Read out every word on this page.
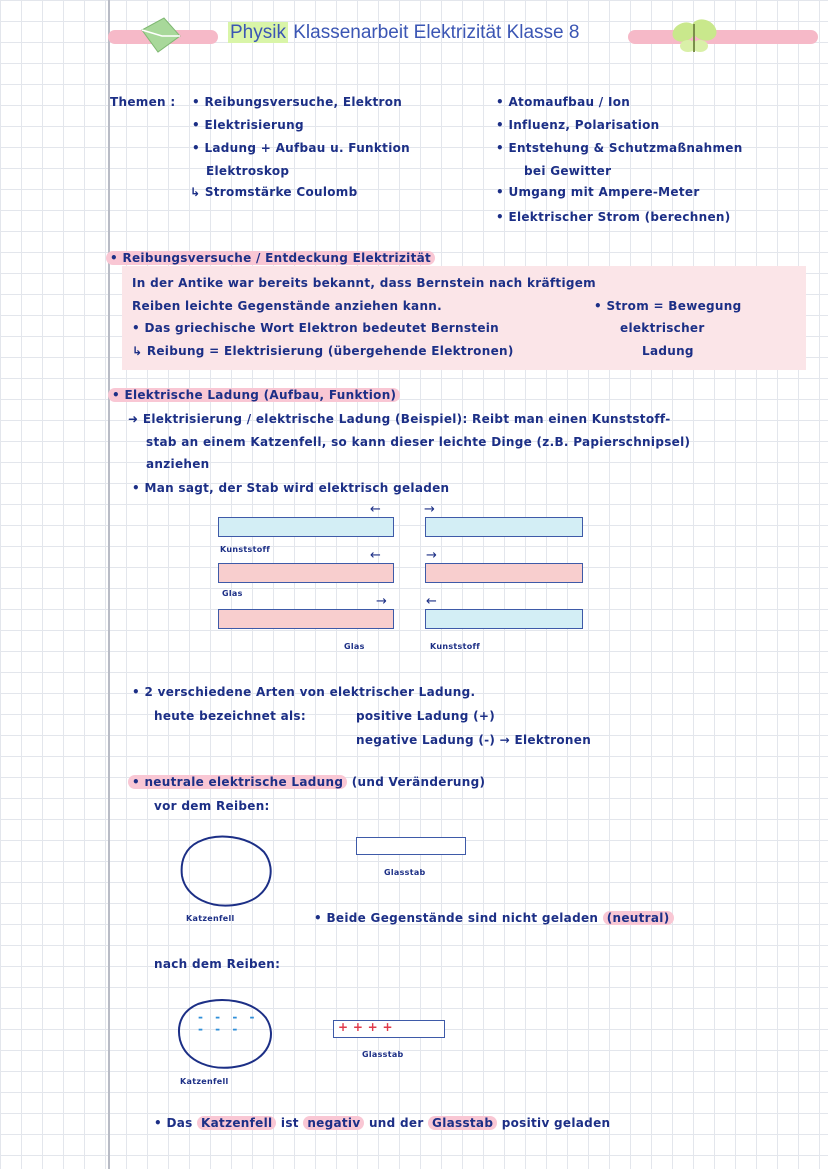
Physik Klassenarbeit Elektrizität Klasse 8
Themen : • Reibungsversuche, Elektron
• Elektrisierung
• Ladung + Aufbau u. Funktion
Elektroskop
↳ Stromstärke Coulomb
• Atomaufbau / Ion
• Influenz, Polarisation
• Entstehung & Schutzmaßnahmen
bei Gewitter
• Umgang mit Ampere-Meter
• Elektrischer Strom (berechnen)
• Reibungsversuche / Entdeckung Elektrizität
In der Antike war bereits bekannt, dass Bernstein nach kräftigem
Reiben leichte Gegenstände anziehen kann.
• Das griechische Wort Elektron bedeutet Bernstein
↳ Reibung = Elektrisierung (übergehende Elektronen)
• Strom = Bewegung
elektrischer
Ladung
• Elektrische Ladung (Aufbau, Funktion)
➜ Elektrisierung / elektrische Ladung (Beispiel): Reibt man einen Kunststoff-
stab an einem Katzenfell, so kann dieser leichte Dinge (z.B. Papierschnipsel)
anziehen
• Man sagt, der Stab wird elektrisch geladen
←	→
Kunststoff	←	→
Glas
→	←
Glas	Kunststoff
• 2 verschiedene Arten von elektrischer Ladung.
heute bezeichnet als:	positive Ladung (+)
negative Ladung (-) → Elektronen
• neutrale elektrische Ladung (und Veränderung)
vor dem Reiben:
Glasstab
Katzenfell	• Beide Gegenstände sind nicht geladen (neutral)
nach dem Reiben:
- - - - - - -	+ + + +
Glasstab
Katzenfell
• Das Katzenfell ist negativ und der Glasstab positiv geladen
